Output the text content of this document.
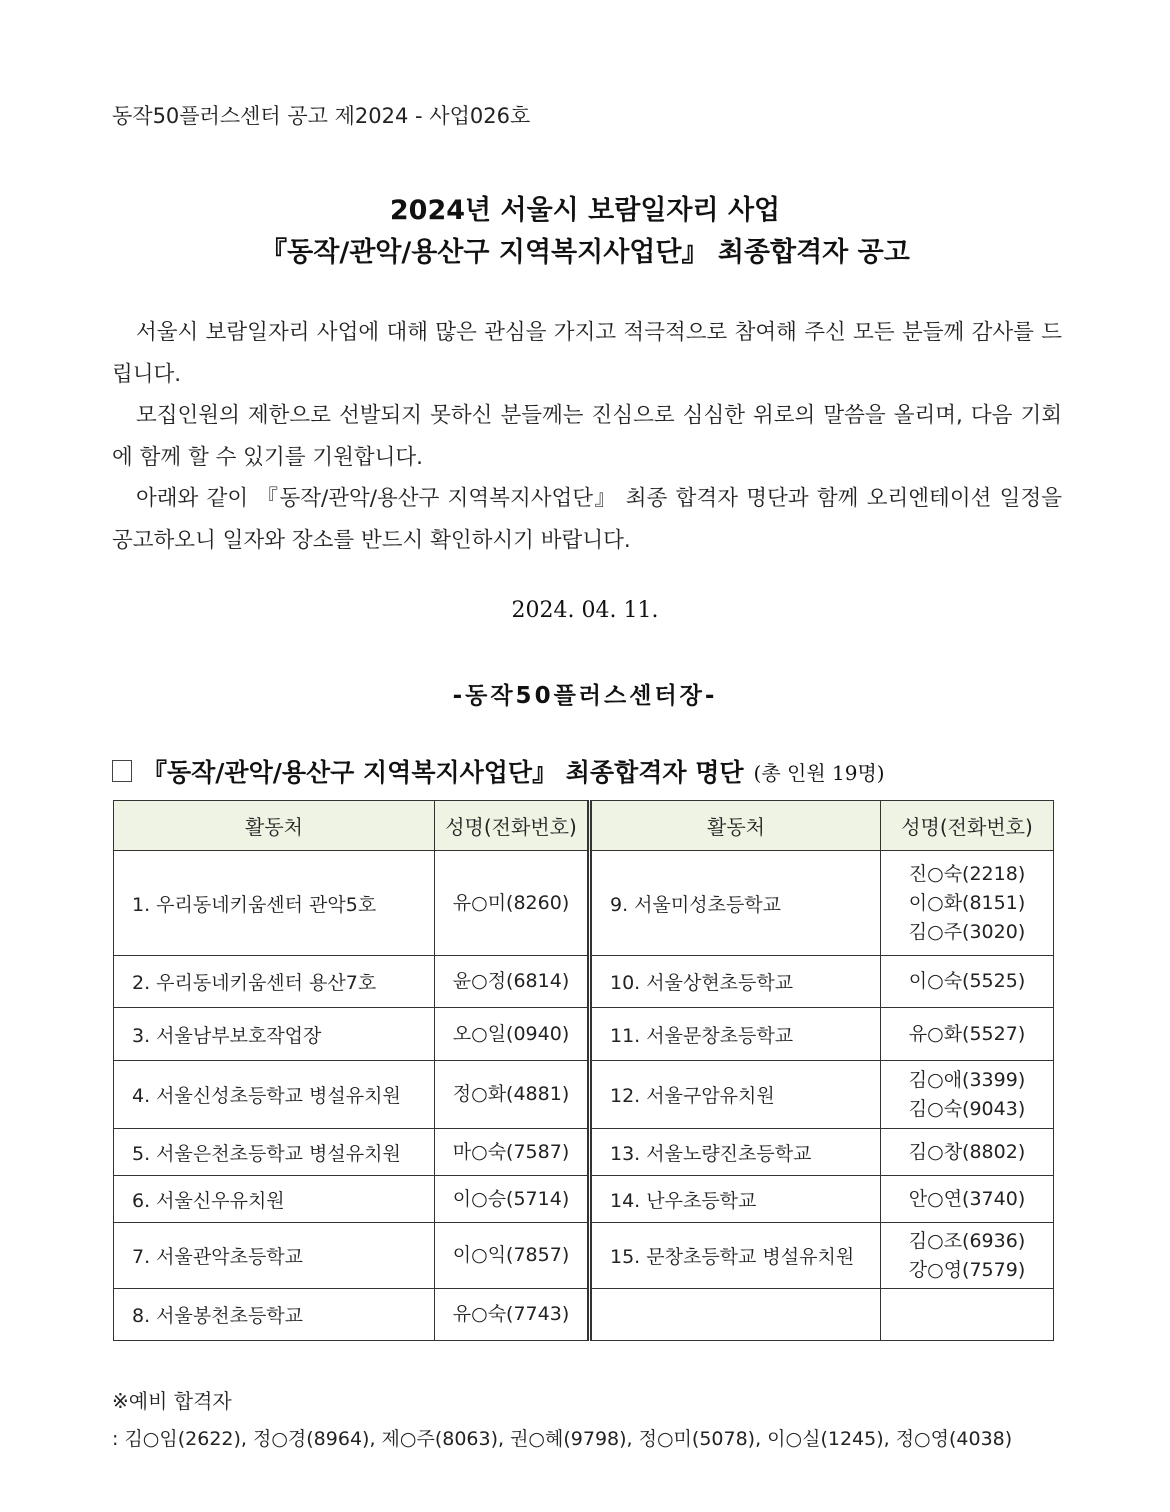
동작50플러스센터 공고 제2024 - 사업026호
2024년 서울시 보람일자리 사업
『동작/관악/용산구 지역복지사업단』 최종합격자 공고

서울시 보람일자리 사업에 대해 많은 관심을 가지고 적극적으로 참여해 주신 모든 분들께 감사를 드립니다.

모집인원의 제한으로 선발되지 못하신 분들께는 진심으로 심심한 위로의 말씀을 올리며, 다음 기회에 함께 할 수 있기를 기원합니다.

아래와 같이 『동작/관악/용산구 지역복지사업단』 최종 합격자 명단과 함께 오리엔테이션 일정을 공고하오니 일자와 장소를 반드시 확인하시기 바랍니다.

2024. 04. 11.
-동작50플러스센터장-
『동작/관악/용산구 지역복지사업단』 최종합격자 명단 (총 인원 19명)
활동처	성명(전화번호)	활동처	성명(전화번호)
1. 우리동네키움센터 관악5호	유○미(8260)	9. 서울미성초등학교	진○숙(2218)
이○화(8151)
김○주(3020)
2. 우리동네키움센터 용산7호	윤○정(6814)	10. 서울상현초등학교	이○숙(5525)
3. 서울남부보호작업장	오○일(0940)	11. 서울문창초등학교	유○화(5527)
4. 서울신성초등학교 병설유치원	정○화(4881)	12. 서울구암유치원	김○애(3399)
김○숙(9043)
5. 서울은천초등학교 병설유치원	마○숙(7587)	13. 서울노량진초등학교	김○창(8802)
6. 서울신우유치원	이○승(5714)	14. 난우초등학교	안○연(3740)
7. 서울관악초등학교	이○익(7857)	15. 문창초등학교 병설유치원	김○조(6936)
강○영(7579)
8. 서울봉천초등학교	유○숙(7743)		
※예비 합격자
: 김○임(2622), 정○경(8964), 제○주(8063), 권○혜(9798), 정○미(5078), 이○실(1245), 정○영(4038)
